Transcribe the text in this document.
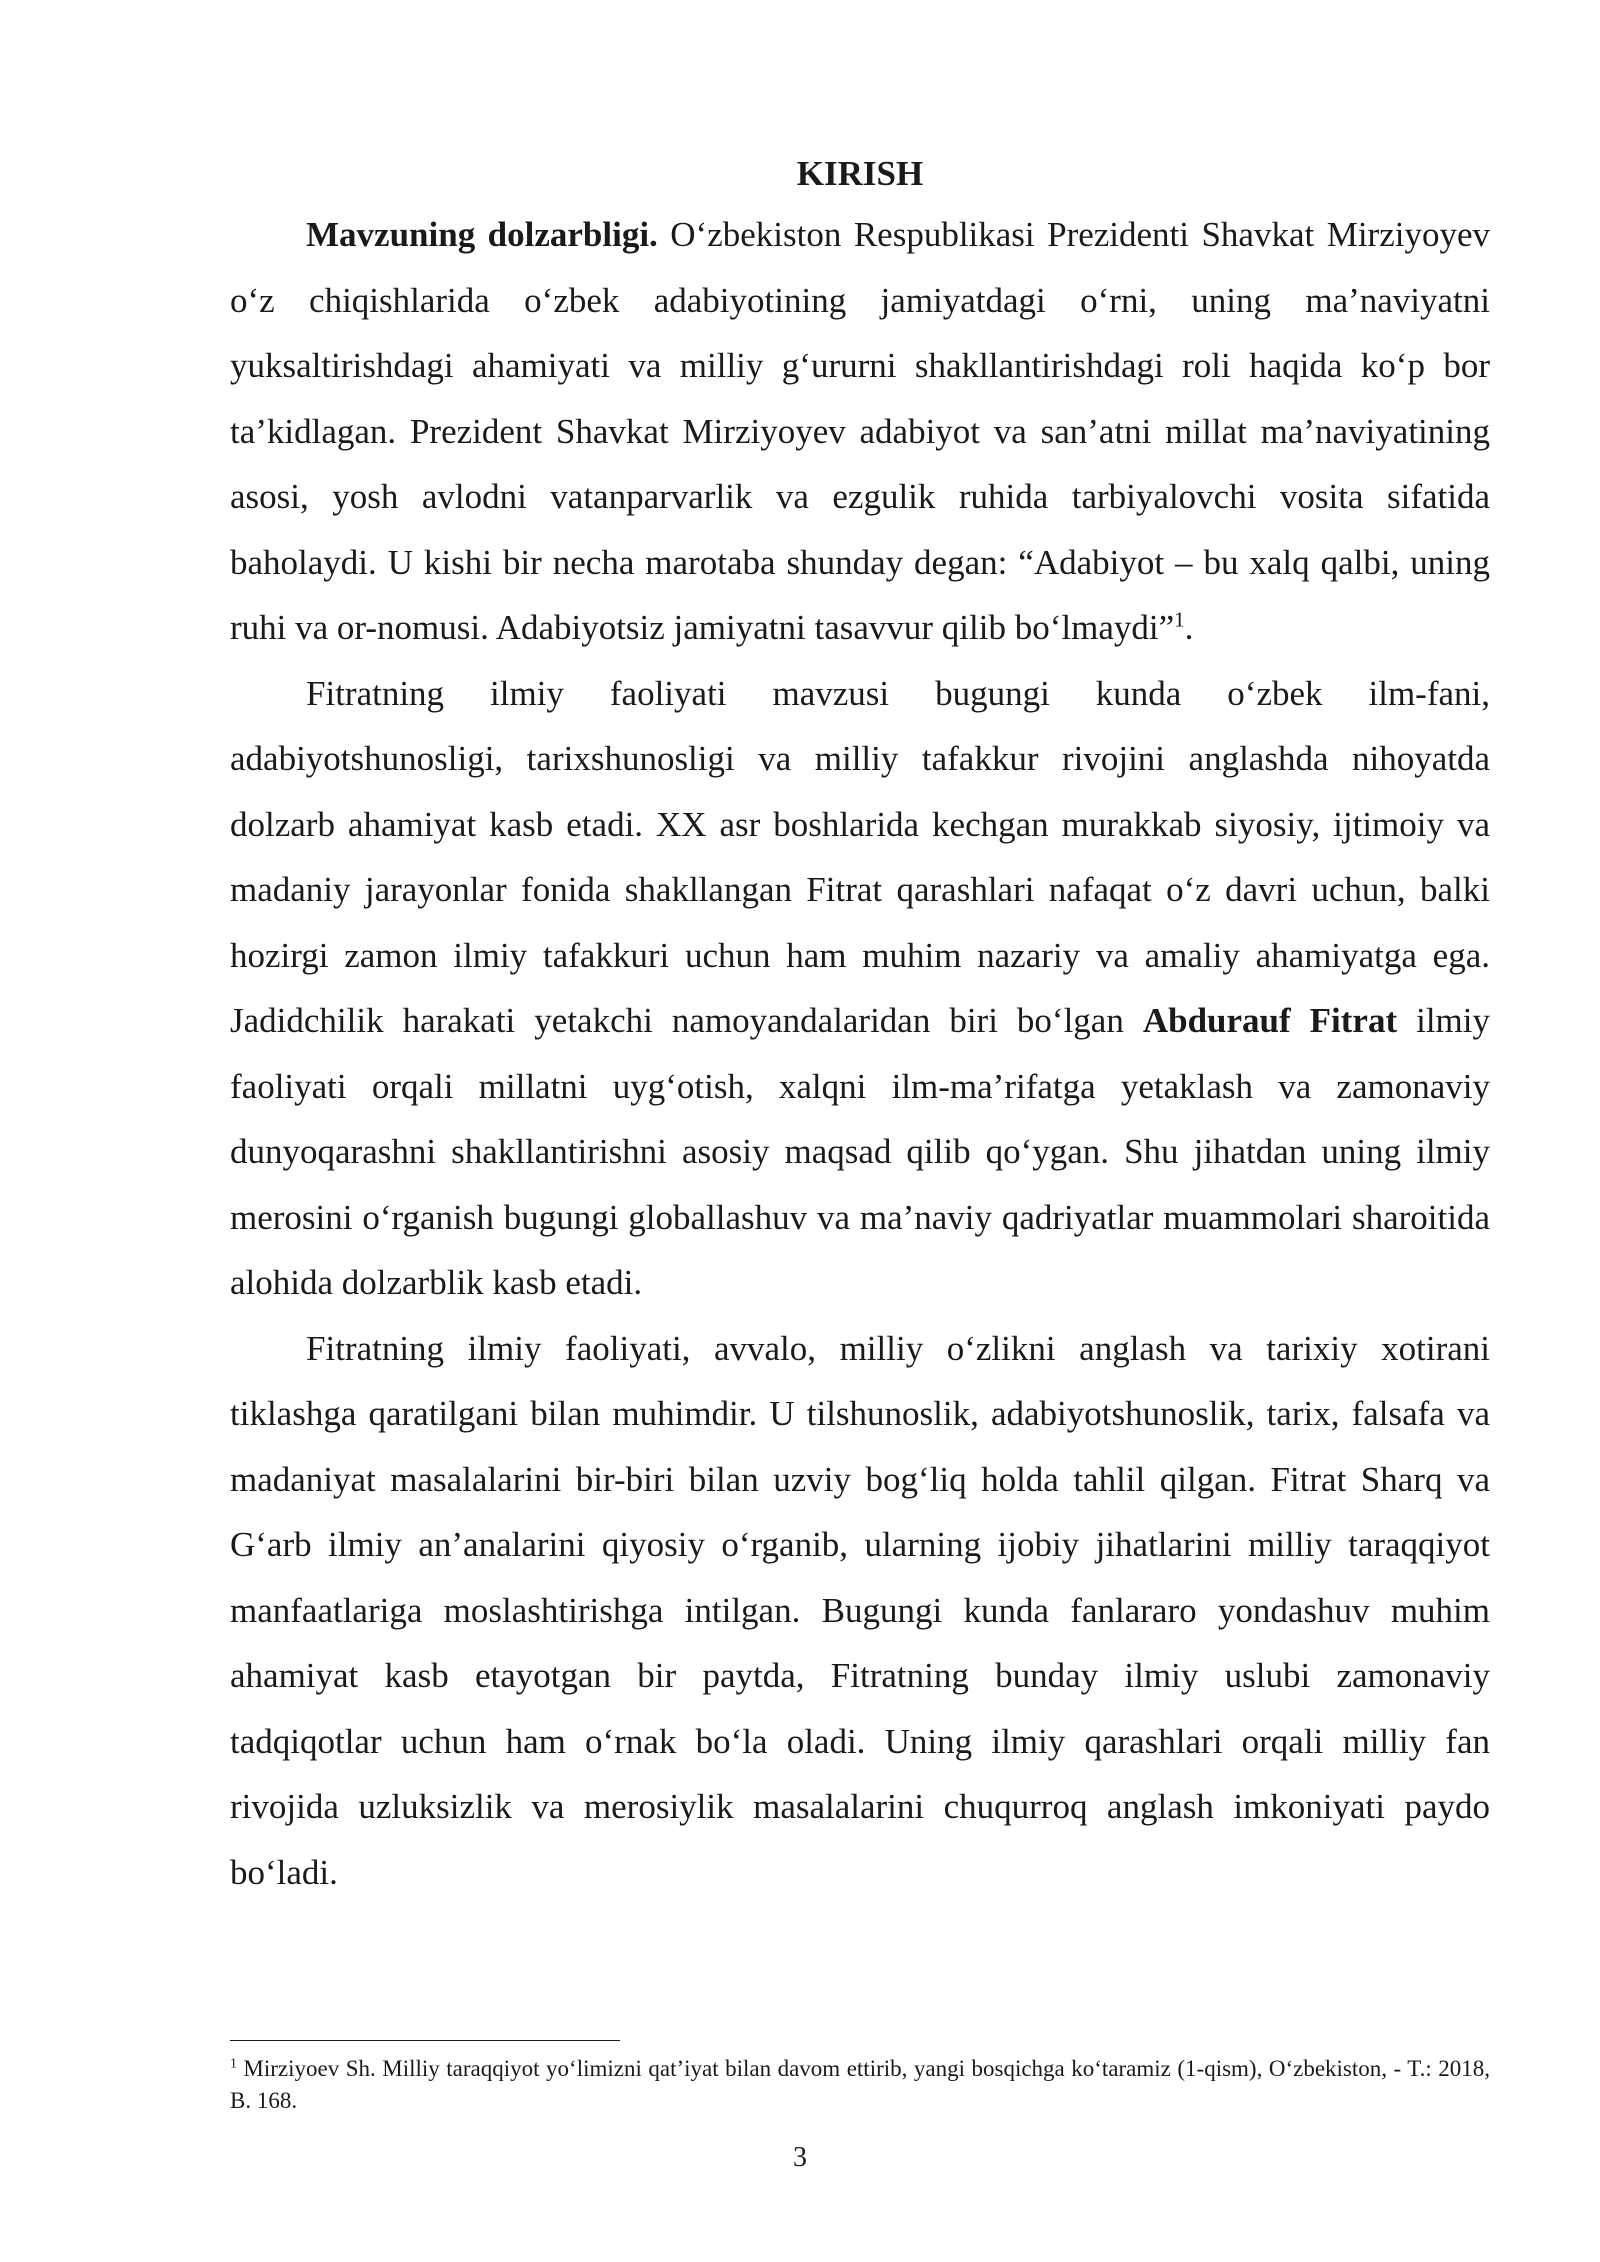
KIRISH

Mavzuning dolzarbligi. O‘zbekiston Respublikasi Prezidenti Shavkat Mirziyoyev o‘z chiqishlarida o‘zbek adabiyotining jamiyatdagi o‘rni, uning ma’naviyatni yuksaltirishdagi ahamiyati va milliy g‘ururni shakllantirishdagi roli haqida ko‘p bor ta’kidlagan. Prezident Shavkat Mirziyoyev adabiyot va san’atni millat ma’naviyatining asosi, yosh avlodni vatanparvarlik va ezgulik ruhida tarbiyalovchi vosita sifatida baholaydi. U kishi bir necha marotaba shunday degan: “Adabiyot – bu xalq qalbi, uning ruhi va or-nomusi. Adabiyotsiz jamiyatni tasavvur qilib bo‘lmaydi”$^1$.

Fitratning ilmiy faoliyati mavzusi bugungi kunda o‘zbek ilm-fani, adabiyotshunosligi, tarixshunosligi va milliy tafakkur rivojini anglashda nihoyatda dolzarb ahamiyat kasb etadi. XX asr boshlarida kechgan murakkab siyosiy, ijtimoiy va madaniy jarayonlar fonida shakllangan Fitrat qarashlari nafaqat o‘z davri uchun, balki hozirgi zamon ilmiy tafakkuri uchun ham muhim nazariy va amaliy ahamiyatga ega. Jadidchilik harakati yetakchi namoyandalaridan biri bo‘lgan Abdurauf Fitrat ilmiy faoliyati orqali millatni uyg‘otish, xalqni ilm-ma’rifatga yetaklash va zamonaviy dunyoqarashni shakllantirishni asosiy maqsad qilib qo‘ygan. Shu jihatdan uning ilmiy merosini o‘rganish bugungi globallashuv va ma’naviy qadriyatlar muammolari sharoitida alohida dolzarblik kasb etadi.

Fitratning ilmiy faoliyati, avvalo, milliy o‘zlikni anglash va tarixiy xotirani tiklashga qaratilgani bilan muhimdir. U tilshunoslik, adabiyotshunoslik, tarix, falsafa va madaniyat masalalarini bir-biri bilan uzviy bog‘liq holda tahlil qilgan. Fitrat Sharq va G‘arb ilmiy an’analarini qiyosiy o‘rganib, ularning ijobiy jihatlarini milliy taraqqiyot manfaatlariga moslashtirishga intilgan. Bugungi kunda fanlararo yondashuv muhim ahamiyat kasb etayotgan bir paytda, Fitratning bunday ilmiy uslubi zamonaviy tadqiqotlar uchun ham o‘rnak bo‘la oladi. Uning ilmiy qarashlari orqali milliy fan rivojida uzluksizlik va merosiylik masalalarini chuqurroq anglash imkoniyati paydo bo‘ladi.

$^1$ Mirziyoev Sh. Milliy taraqqiyot yo‘limizni qat’iyat bilan davom ettirib, yangi bosqichga ko‘taramiz (1-qism), O‘zbekiston, - T.: 2018, B. 168.

3
